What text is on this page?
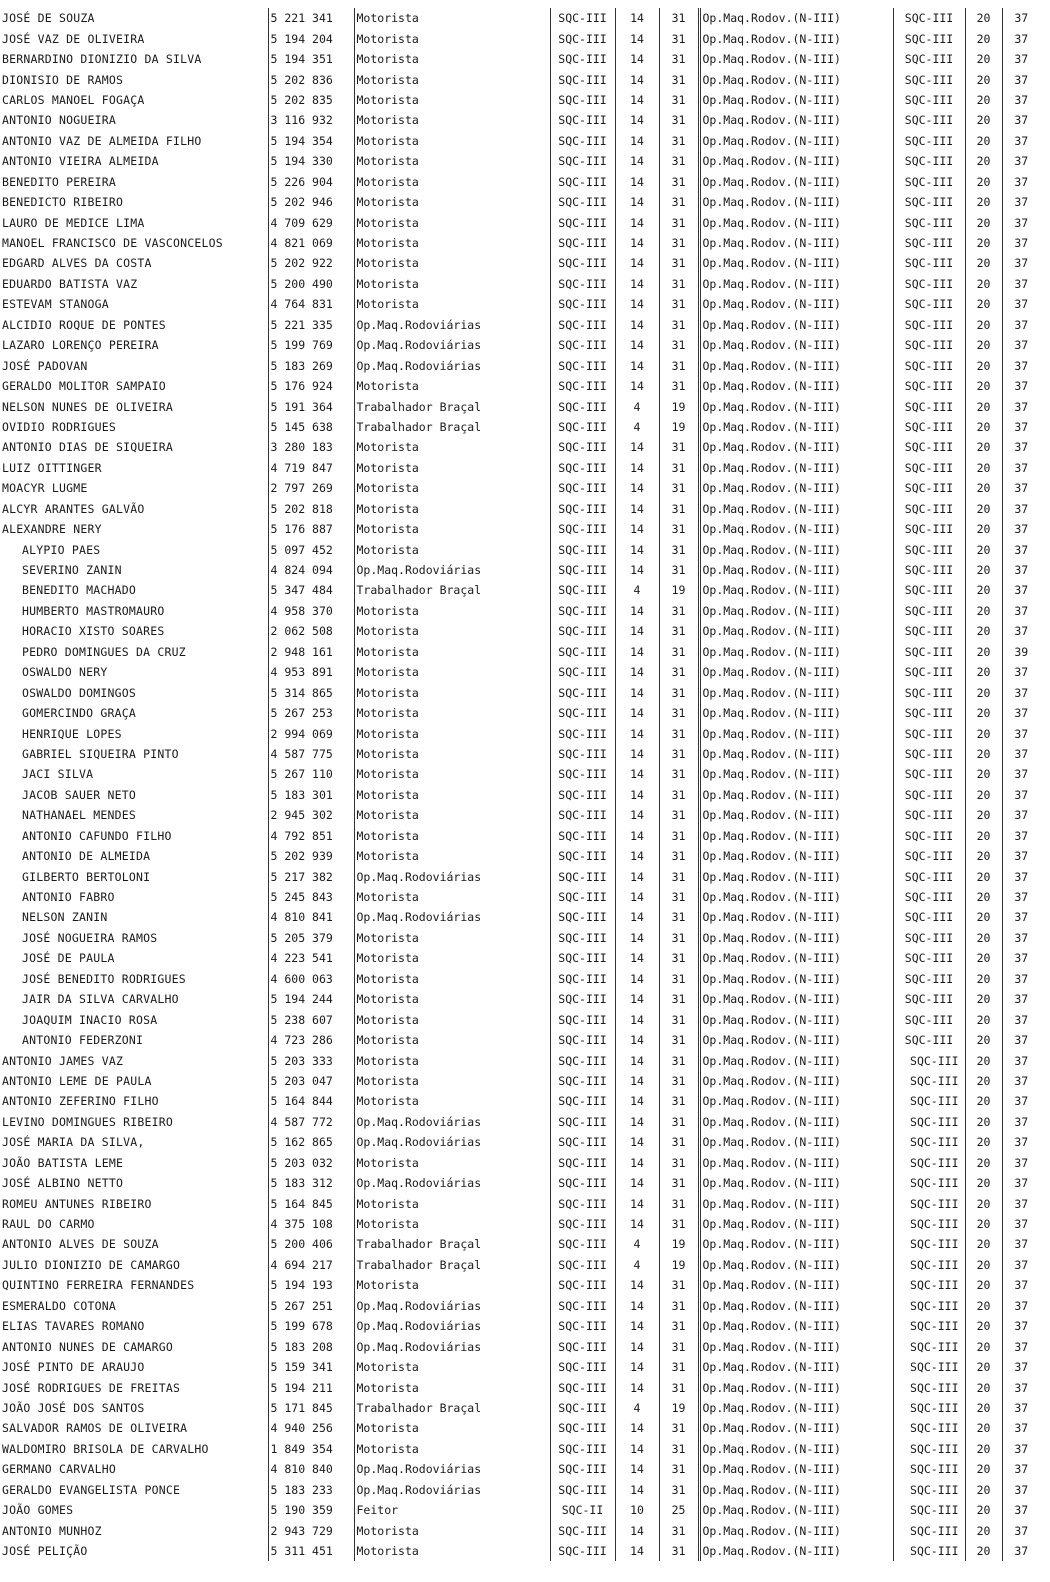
JOSÉ DE SOUZA	5 221 341	Motorista	SQC-III	14	31	Op.Maq.Rodov.(N-III)	SQC-III	20	37
JOSÉ VAZ DE OLIVEIRA	5 194 204	Motorista	SQC-III	14	31	Op.Maq.Rodov.(N-III)	SQC-III	20	37
BERNARDINO DIONIZIO DA SILVA	5 194 351	Motorista	SQC-III	14	31	Op.Maq.Rodov.(N-III)	SQC-III	20	37
DIONISIO DE RAMOS	5 202 836	Motorista	SQC-III	14	31	Op.Maq.Rodov.(N-III)	SQC-III	20	37
CARLOS MANOEL FOGAÇA	5 202 835	Motorista	SQC-III	14	31	Op.Maq.Rodov.(N-III)	SQC-III	20	37
ANTONIO NOGUEIRA	3 116 932	Motorista	SQC-III	14	31	Op.Maq.Rodov.(N-III)	SQC-III	20	37
ANTONIO VAZ DE ALMEIDA FILHO	5 194 354	Motorista	SQC-III	14	31	Op.Maq.Rodov.(N-III)	SQC-III	20	37
ANTONIO VIEIRA ALMEIDA	5 194 330	Motorista	SQC-III	14	31	Op.Maq.Rodov.(N-III)	SQC-III	20	37
BENEDITO PEREIRA	5 226 904	Motorista	SQC-III	14	31	Op.Maq.Rodov.(N-III)	SQC-III	20	37
BENEDICTO RIBEIRO	5 202 946	Motorista	SQC-III	14	31	Op.Maq.Rodov.(N-III)	SQC-III	20	37
LAURO DE MEDICE LIMA	4 709 629	Motorista	SQC-III	14	31	Op.Maq.Rodov.(N-III)	SQC-III	20	37
MANOEL FRANCISCO DE VASCONCELOS	4 821 069	Motorista	SQC-III	14	31	Op.Maq.Rodov.(N-III)	SQC-III	20	37
EDGARD ALVES DA COSTA	5 202 922	Motorista	SQC-III	14	31	Op.Maq.Rodov.(N-III)	SQC-III	20	37
EDUARDO BATISTA VAZ	5 200 490	Motorista	SQC-III	14	31	Op.Maq.Rodov.(N-III)	SQC-III	20	37
ESTEVAM STANOGA	4 764 831	Motorista	SQC-III	14	31	Op.Maq.Rodov.(N-III)	SQC-III	20	37
ALCIDIO ROQUE DE PONTES	5 221 335	Op.Maq.Rodoviárias	SQC-III	14	31	Op.Maq.Rodov.(N-III)	SQC-III	20	37
LAZARO LORENÇO PEREIRA	5 199 769	Op.Maq.Rodoviárias	SQC-III	14	31	Op.Maq.Rodov.(N-III)	SQC-III	20	37
JOSÉ PADOVAN	5 183 269	Op.Maq.Rodoviárias	SQC-III	14	31	Op.Maq.Rodov.(N-III)	SQC-III	20	37
GERALDO MOLITOR SAMPAIO	5 176 924	Motorista	SQC-III	14	31	Op.Maq.Rodov.(N-III)	SQC-III	20	37
NELSON NUNES DE OLIVEIRA	5 191 364	Trabalhador Braçal	SQC-III	4	19	Op.Maq.Rodov.(N-III)	SQC-III	20	37
OVIDIO RODRIGUES	5 145 638	Trabalhador Braçal	SQC-III	4	19	Op.Maq.Rodov.(N-III)	SQC-III	20	37
ANTONIO DIAS DE SIQUEIRA	3 280 183	Motorista	SQC-III	14	31	Op.Maq.Rodov.(N-III)	SQC-III	20	37
LUIZ OITTINGER	4 719 847	Motorista	SQC-III	14	31	Op.Maq.Rodov.(N-III)	SQC-III	20	37
MOACYR LUGME	2 797 269	Motorista	SQC-III	14	31	Op.Maq.Rodov.(N-III)	SQC-III	20	37
ALCYR ARANTES GALVÃO	5 202 818	Motorista	SQC-III	14	31	Op.Maq.Rodov.(N-III)	SQC-III	20	37
ALEXANDRE NERY	5 176 887	Motorista	SQC-III	14	31	Op.Maq.Rodov.(N-III)	SQC-III	20	37
ALYPIO PAES	5 097 452	Motorista	SQC-III	14	31	Op.Maq.Rodov.(N-III)	SQC-III	20	37
SEVERINO ZANIN	4 824 094	Op.Maq.Rodoviárias	SQC-III	14	31	Op.Maq.Rodov.(N-III)	SQC-III	20	37
BENEDITO MACHADO	5 347 484	Trabalhador Braçal	SQC-III	4	19	Op.Maq.Rodov.(N-III)	SQC-III	20	37
HUMBERTO MASTROMAURO	4 958 370	Motorista	SQC-III	14	31	Op.Maq.Rodov.(N-III)	SQC-III	20	37
HORACIO XISTO SOARES	2 062 508	Motorista	SQC-III	14	31	Op.Maq.Rodov.(N-III)	SQC-III	20	37
PEDRO DOMINGUES DA CRUZ	2 948 161	Motorista	SQC-III	14	31	Op.Maq.Rodov.(N-III)	SQC-III	20	39
OSWALDO NERY	4 953 891	Motorista	SQC-III	14	31	Op.Maq.Rodov.(N-III)	SQC-III	20	37
OSWALDO DOMINGOS	5 314 865	Motorista	SQC-III	14	31	Op.Maq.Rodov.(N-III)	SQC-III	20	37
GOMERCINDO GRAÇA	5 267 253	Motorista	SQC-III	14	31	Op.Maq.Rodov.(N-III)	SQC-III	20	37
HENRIQUE LOPES	2 994 069	Motorista	SQC-III	14	31	Op.Maq.Rodov.(N-III)	SQC-III	20	37
GABRIEL SIQUEIRA PINTO	4 587 775	Motorista	SQC-III	14	31	Op.Maq.Rodov.(N-III)	SQC-III	20	37
JACI SILVA	5 267 110	Motorista	SQC-III	14	31	Op.Maq.Rodov.(N-III)	SQC-III	20	37
JACOB SAUER NETO	5 183 301	Motorista	SQC-III	14	31	Op.Maq.Rodov.(N-III)	SQC-III	20	37
NATHANAEL MENDES	2 945 302	Motorista	SQC-III	14	31	Op.Maq.Rodov.(N-III)	SQC-III	20	37
ANTONIO CAFUNDO FILHO	4 792 851	Motorista	SQC-III	14	31	Op.Maq.Rodov.(N-III)	SQC-III	20	37
ANTONIO DE ALMEIDA	5 202 939	Motorista	SQC-III	14	31	Op.Maq.Rodov.(N-III)	SQC-III	20	37
GILBERTO BERTOLONI	5 217 382	Op.Maq.Rodoviárias	SQC-III	14	31	Op.Maq.Rodov.(N-III)	SQC-III	20	37
ANTONIO FABRO	5 245 843	Motorista	SQC-III	14	31	Op.Maq.Rodov.(N-III)	SQC-III	20	37
NELSON ZANIN	4 810 841	Op.Maq.Rodoviárias	SQC-III	14	31	Op.Maq.Rodov.(N-III)	SQC-III	20	37
JOSÉ NOGUEIRA RAMOS	5 205 379	Motorista	SQC-III	14	31	Op.Maq.Rodov.(N-III)	SQC-III	20	37
JOSÉ DE PAULA	4 223 541	Motorista	SQC-III	14	31	Op.Maq.Rodov.(N-III)	SQC-III	20	37
JOSÉ BENEDITO RODRIGUES	4 600 063	Motorista	SQC-III	14	31	Op.Maq.Rodov.(N-III)	SQC-III	20	37
JAIR DA SILVA CARVALHO	5 194 244	Motorista	SQC-III	14	31	Op.Maq.Rodov.(N-III)	SQC-III	20	37
JOAQUIM INACIO ROSA	5 238 607	Motorista	SQC-III	14	31	Op.Maq.Rodov.(N-III)	SQC-III	20	37
ANTONIO FEDERZONI	4 723 286	Motorista	SQC-III	14	31	Op.Maq.Rodov.(N-III)	SQC-III	20	37
ANTONIO JAMES VAZ	5 203 333	Motorista	SQC-III	14	31	Op.Maq.Rodov.(N-III)	SQC-III	20	37
ANTONIO LEME DE PAULA	5 203 047	Motorista	SQC-III	14	31	Op.Maq.Rodov.(N-III)	SQC-III	20	37
ANTONIO ZEFERINO FILHO	5 164 844	Motorista	SQC-III	14	31	Op.Maq.Rodov.(N-III)	SQC-III	20	37
LEVINO DOMINGUES RIBEIRO	4 587 772	Op.Maq.Rodoviárias	SQC-III	14	31	Op.Maq.Rodov.(N-III)	SQC-III	20	37
JOSÉ MARIA DA SILVA,	5 162 865	Op.Maq.Rodoviárias	SQC-III	14	31	Op.Maq.Rodov.(N-III)	SQC-III	20	37
JOÃO BATISTA LEME	5 203 032	Motorista	SQC-III	14	31	Op.Maq.Rodov.(N-III)	SQC-III	20	37
JOSÉ ALBINO NETTO	5 183 312	Op.Maq.Rodoviárias	SQC-III	14	31	Op.Maq.Rodov.(N-III)	SQC-III	20	37
ROMEU ANTUNES RIBEIRO	5 164 845	Motorista	SQC-III	14	31	Op.Maq.Rodov.(N-III)	SQC-III	20	37
RAUL DO CARMO	4 375 108	Motorista	SQC-III	14	31	Op.Maq.Rodov.(N-III)	SQC-III	20	37
ANTONIO ALVES DE SOUZA	5 200 406	Trabalhador Braçal	SQC-III	4	19	Op.Maq.Rodov.(N-III)	SQC-III	20	37
JULIO DIONIZIO DE CAMARGO	4 694 217	Trabalhador Braçal	SQC-III	4	19	Op.Maq.Rodov.(N-III)	SQC-III	20	37
QUINTINO FERREIRA FERNANDES	5 194 193	Motorista	SQC-III	14	31	Op.Maq.Rodov.(N-III)	SQC-III	20	37
ESMERALDO COTONA	5 267 251	Op.Maq.Rodoviárias	SQC-III	14	31	Op.Maq.Rodov.(N-III)	SQC-III	20	37
ELIAS TAVARES ROMANO	5 199 678	Op.Maq.Rodoviárias	SQC-III	14	31	Op.Maq.Rodov.(N-III)	SQC-III	20	37
ANTONIO NUNES DE CAMARGO	5 183 208	Op.Maq.Rodoviárias	SQC-III	14	31	Op.Maq.Rodov.(N-III)	SQC-III	20	37
JOSÉ PINTO DE ARAUJO	5 159 341	Motorista	SQC-III	14	31	Op.Maq.Rodov.(N-III)	SQC-III	20	37
JOSÉ RODRIGUES DE FREITAS	5 194 211	Motorista	SQC-III	14	31	Op.Maq.Rodov.(N-III)	SQC-III	20	37
JOÃO JOSÉ DOS SANTOS	5 171 845	Trabalhador Braçal	SQC-III	4	19	Op.Maq.Rodov.(N-III)	SQC-III	20	37
SALVADOR RAMOS DE OLIVEIRA	4 940 256	Motorista	SQC-III	14	31	Op.Maq.Rodov.(N-III)	SQC-III	20	37
WALDOMIRO BRISOLA DE CARVALHO	1 849 354	Motorista	SQC-III	14	31	Op.Maq.Rodov.(N-III)	SQC-III	20	37
GERMANO CARVALHO	4 810 840	Op.Maq.Rodoviárias	SQC-III	14	31	Op.Maq.Rodov.(N-III)	SQC-III	20	37
GERALDO EVANGELISTA PONCE	5 183 233	Op.Maq.Rodoviárias	SQC-III	14	31	Op.Maq.Rodov.(N-III)	SQC-III	20	37
JOÃO GOMES	5 190 359	Feitor	SQC-II	10	25	Op.Maq.Rodov.(N-III)	SQC-III	20	37
ANTONIO MUNHOZ	2 943 729	Motorista	SQC-III	14	31	Op.Maq.Rodov.(N-III)	SQC-III	20	37
JOSÉ PELIÇÃO	5 311 451	Motorista	SQC-III	14	31	Op.Maq.Rodov.(N-III)	SQC-III	20	37
